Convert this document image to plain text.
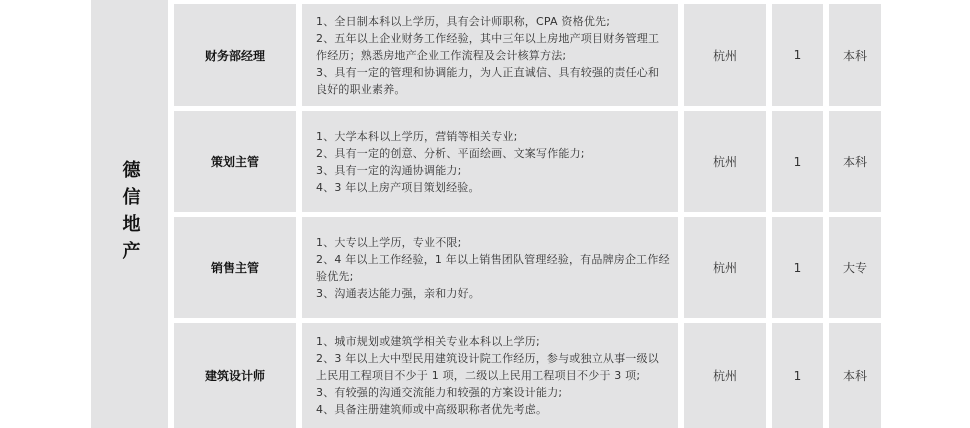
德信地产
财务部经理
1、全日制本科以上学历，具有会计师职称，CPA 资格优先;
2、五年以上企业财务工作经验，其中三年以上房地产项目财务管理工作经历；熟悉房地产企业工作流程及会计核算方法;
3、具有一定的管理和协调能力，为人正直诚信、具有较强的责任心和良好的职业素养。
杭州	1	本科
策划主管
1、大学本科以上学历，营销等相关专业;
2、具有一定的创意、分析、平面绘画、文案写作能力;
3、具有一定的沟通协调能力;
4、3 年以上房产项目策划经验。
杭州	1	本科
销售主管
1、大专以上学历，专业不限;
2、4 年以上工作经验，1 年以上销售团队管理经验，有品牌房企工作经验优先;
3、沟通表达能力强，亲和力好。
杭州	1	大专
建筑设计师
1、城市规划或建筑学相关专业本科以上学历;
2、3 年以上大中型民用建筑设计院工作经历，参与或独立从事一级以上民用工程项目不少于 1 项，二级以上民用工程项目不少于 3 项;
3、有较强的沟通交流能力和较强的方案设计能力;
4、具备注册建筑师或中高级职称者优先考虑。
杭州	1	本科
